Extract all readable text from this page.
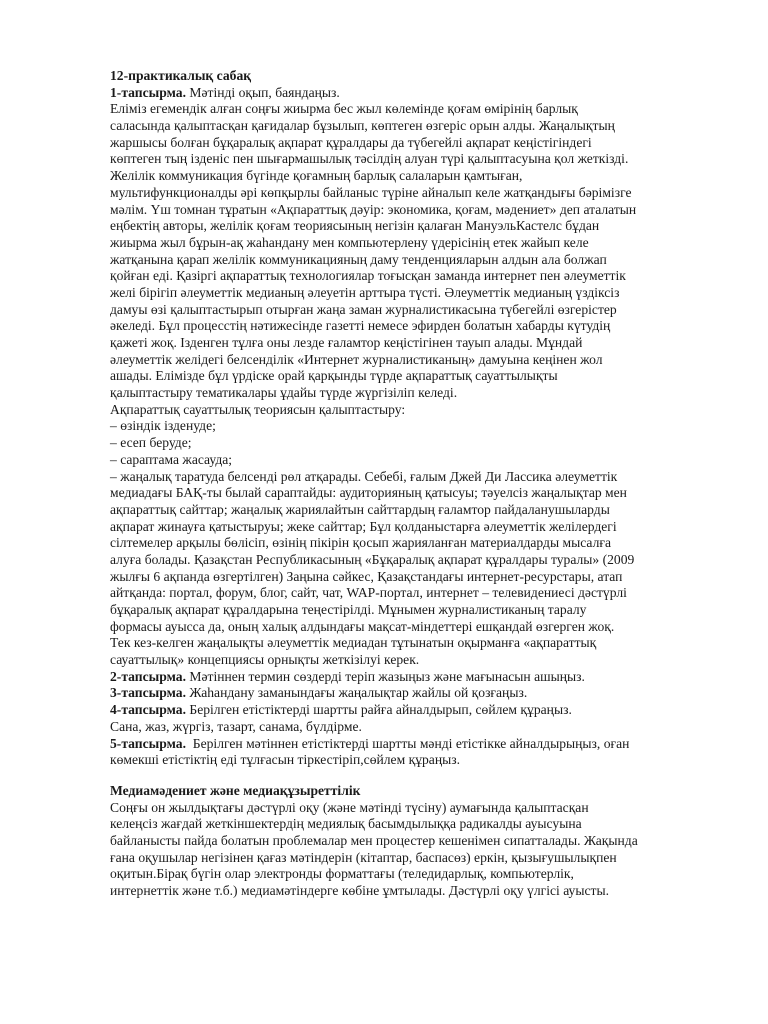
12-практикалық сабақ
1-тапсырма. Мәтінді оқып, баяндаңыз.
Еліміз егемендік алған соңғы жиырма бес жыл көлемінде қоғам өмірінің барлық
саласында қалыптасқан қағидалар бұзылып, көптеген өзгеріс орын алды. Жаңалықтың
жаршысы болған бұқаралық ақпарат құралдары да түбегейлі ақпарат кеңістігіндегі
көптеген тың ізденіс пен шығармашылық тәсілдің алуан түрі қалыптасуына қол жеткізді.
Желілік коммуникация бүгінде қоғамның барлық салаларын қамтыған,
мультифункционалды әрі көпқырлы байланыс түріне айналып келе жатқандығы бәрімізге
мәлім. Үш томнан тұратын «Ақпараттық дәуір: экономика, қоғам, мәдениет» деп аталатын
еңбектің авторы, желілік қоғам теориясының негізін қалаған МануэльКастелс бұдан
жиырма жыл бұрын-ақ жаһандану мен компьютерлену үдерісінің етек жайып келе
жатқанына қарап желілік коммуникацияның даму тенденцияларын алдын ала болжап
қойған еді. Қазіргі ақпараттық технологиялар тоғысқан заманда интернет пен әлеуметтік
желі бірігіп әлеуметтік медианың әлеуетін арттыра түсті. Әлеуметтік медианың үздіксіз
дамуы өзі қалыптастырып отырған жаңа заман журналистикасына түбегейлі өзгерістер
әкеледі. Бұл процесстің нәтижесінде газетті немесе эфирден болатын хабарды күтудің
қажеті жоқ. Ізденген тұлға оны лезде ғаламтор кеңістігінен тауып алады. Мұндай
әлеуметтік желідегі белсенділік «Интернет журналистиканың» дамуына кеңінен жол
ашады. Елімізде бұл үрдіске орай қарқынды түрде ақпараттық сауаттылықты
қалыптастыру тематикалары ұдайы түрде жүргізіліп келеді.
Ақпараттық сауаттылық теориясын қалыптастыру:
– өзіндік ізденуде;
– есеп беруде;
– сараптама жасауда;
– жаңалық таратуда белсенді рөл атқарады. Себебі, ғалым Джей Ди Лассика әлеуметтік
медиадағы БАҚ-ты былай сараптайды: аудиторияның қатысуы; тәуелсіз жаңалықтар мен
ақпараттық сайттар; жаңалық жариялайтын сайттардың ғаламтор пайдаланушыларды
ақпарат жинауға қатыстыруы; жеке сайттар; Бұл қолданыстарға әлеуметтік желілердегі
сілтемелер арқылы бөлісіп, өзінің пікірін қосып жарияланған материалдарды мысалға
алуға болады. Қазақстан Республикасының «Бұқаралық ақпарат құралдары туралы» (2009
жылғы 6 ақпанда өзгертілген) Заңына сәйкес, Қазақстандағы интернет-ресурстары, атап
айтқанда: портал, форум, блог, сайт, чат, WAP-портал, интернет – телевидениесі дәстүрлі
бұқаралық ақпарат құралдарына теңестірілді. Мұнымен журналистиканың таралу
формасы ауысса да, оның халық алдындағы мақсат-міндеттері ешқандай өзгерген жоқ.
Тек кез-келген жаңалықты әлеуметтік медиадан тұтынатын оқырманға «ақпараттық
сауаттылық» концепциясы орнықты жеткізілуі керек.
2-тапсырма. Мәтіннен термин сөздерді теріп жазыңыз және мағынасын ашыңыз.
3-тапсырма. Жаһандану заманындағы жаңалықтар жайлы ой қозғаңыз.
4-тапсырма. Берілген етістіктерді шартты райға айналдырып, сөйлем құраңыз.
Сана, жаз, жүргіз, тазарт, санама, бүлдірме.
5-тапсырма.  Берілген мәтіннен етістіктерді шартты мәнді етістікке айналдырыңыз, оған
көмекші етістіктің еді тұлғасын тіркестіріп,сөйлем құраңыз.
Медиамәдениет және медиақұзыреттілік
Соңғы он жылдықтағы дәстүрлі оқу (және мәтінді түсіну) аумағында қалыптасқан
келеңсіз жағдай жеткіншектердің медиялық басымдылыққа радикалды ауысуына
байланысты пайда болатын проблемалар мен процестер кешенімен сипатталады. Жақында
ғана оқушылар негізінен қағаз мәтіндерін (кітаптар, баспасөз) еркін, қызығушылықпен
оқитын.Бірақ бүгін олар электронды форматтағы (теледидарлық, компьютерлік,
интернеттік және т.б.) медиамәтіндерге көбіне ұмтылады. Дәстүрлі оқу үлгісі ауысты.
